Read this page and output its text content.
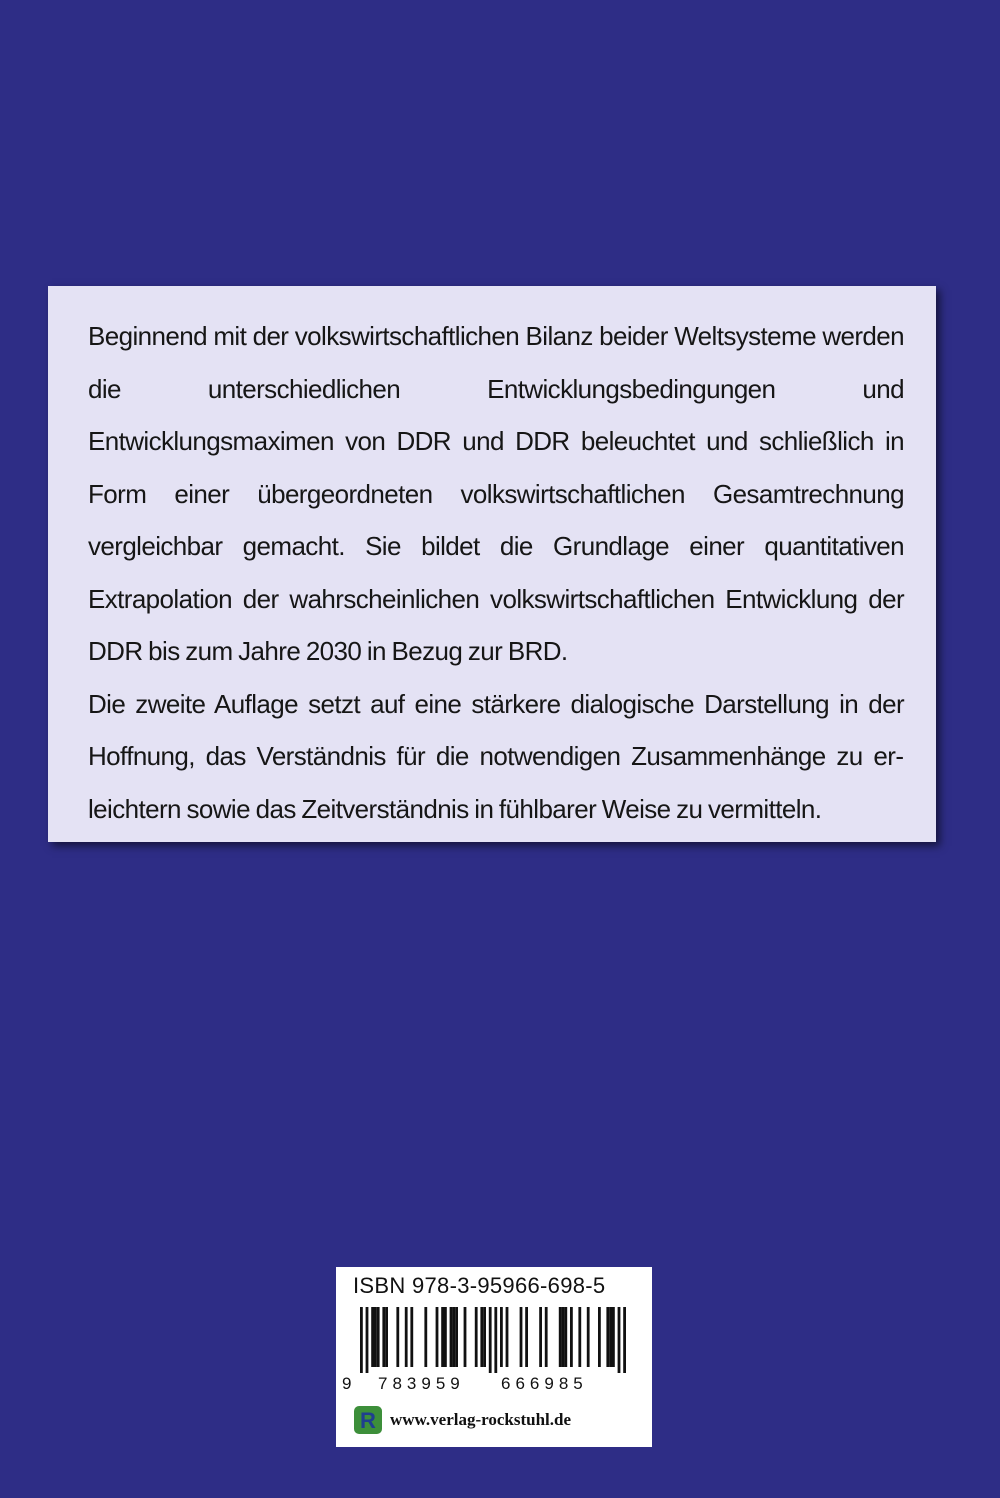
Beginnend mit der volkswirtschaftlichen Bilanz beider Weltsysteme werden die unterschiedlichen Entwicklungsbedingungen und Entwicklungsmaximen von DDR und DDR beleuchtet und schließlich in Form einer übergeordneten volkswirtschaftlichen Gesamtrechnung vergleichbar gemacht. Sie bildet die Grundlage einer quantitativen Extrapolation der wahrscheinlichen volkswirtschaftlichen Entwicklung der DDR bis zum Jahre 2030 in Bezug zur BRD.

Die zweite Auflage setzt auf eine stärkere dialogische Darstellung in der Hoffnung, das Verständnis für die notwendigen Zusammenhänge zu erleichtern sowie das Zeitverständnis in fühlbarer Weise zu vermitteln.

ISBN 978-3-95966-698-5
9 783959 666985
R www.verlag-rockstuhl.de
